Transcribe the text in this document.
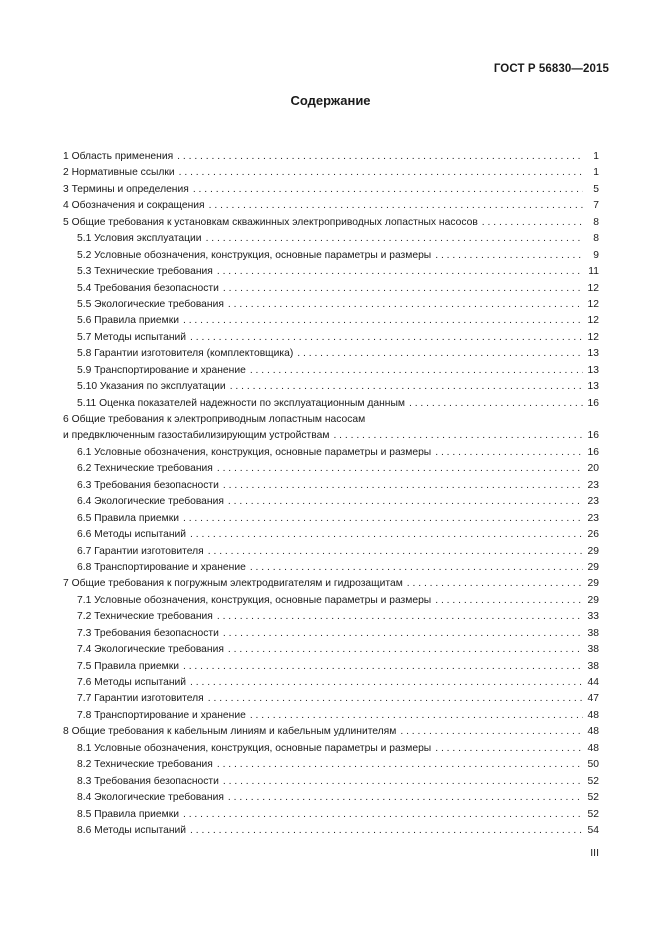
ГОСТ Р 56830—2015
Содержание
1 Область применения . . .	1
2 Нормативные ссылки . . .	1
3 Термины и определения . . .	5
4 Обозначения и сокращения . . .	7
5 Общие требования к установкам скважинных электроприводных лопастных насосов . . .	8
5.1 Условия эксплуатации . . .	8
5.2 Условные обозначения, конструкция, основные параметры и размеры . . .	9
5.3 Технические требования . . .	11
5.4 Требования безопасности . . .	12
5.5 Экологические требования . . .	12
5.6 Правила приемки . . .	12
5.7 Методы испытаний . . .	12
5.8 Гарантии изготовителя (комплектовщика) . . .	13
5.9 Транспортирование и хранение . . .	13
5.10 Указания по эксплуатации . . .	13
5.11 Оценка показателей надежности по эксплуатационным данным . . .	16
6 Общие требования к электроприводным лопастным насосам
и предвключенным газостабилизирующим устройствам . . .	16
6.1 Условные обозначения, конструкция, основные параметры и размеры . . .	16
6.2 Технические требования . . .	20
6.3 Требования безопасности . . .	23
6.4 Экологические требования . . .	23
6.5 Правила приемки . . .	23
6.6 Методы испытаний . . .	26
6.7 Гарантии изготовителя . . .	29
6.8 Транспортирование и хранение . . .	29
7 Общие требования к погружным электродвигателям и гидрозащитам . . .	29
7.1 Условные обозначения, конструкция, основные параметры и размеры . . .	29
7.2 Технические требования . . .	33
7.3 Требования безопасности . . .	38
7.4 Экологические требования . . .	38
7.5 Правила приемки . . .	38
7.6 Методы испытаний . . .	44
7.7 Гарантии изготовителя . . .	47
7.8 Транспортирование и хранение . . .	48
8 Общие требования к кабельным линиям и кабельным удлинителям . . .	48
8.1 Условные обозначения, конструкция, основные параметры и размеры . . .	48
8.2 Технические требования . . .	50
8.3 Требования безопасности . . .	52
8.4 Экологические требования . . .	52
8.5 Правила приемки . . .	52
8.6 Методы испытаний . . .	54
III
